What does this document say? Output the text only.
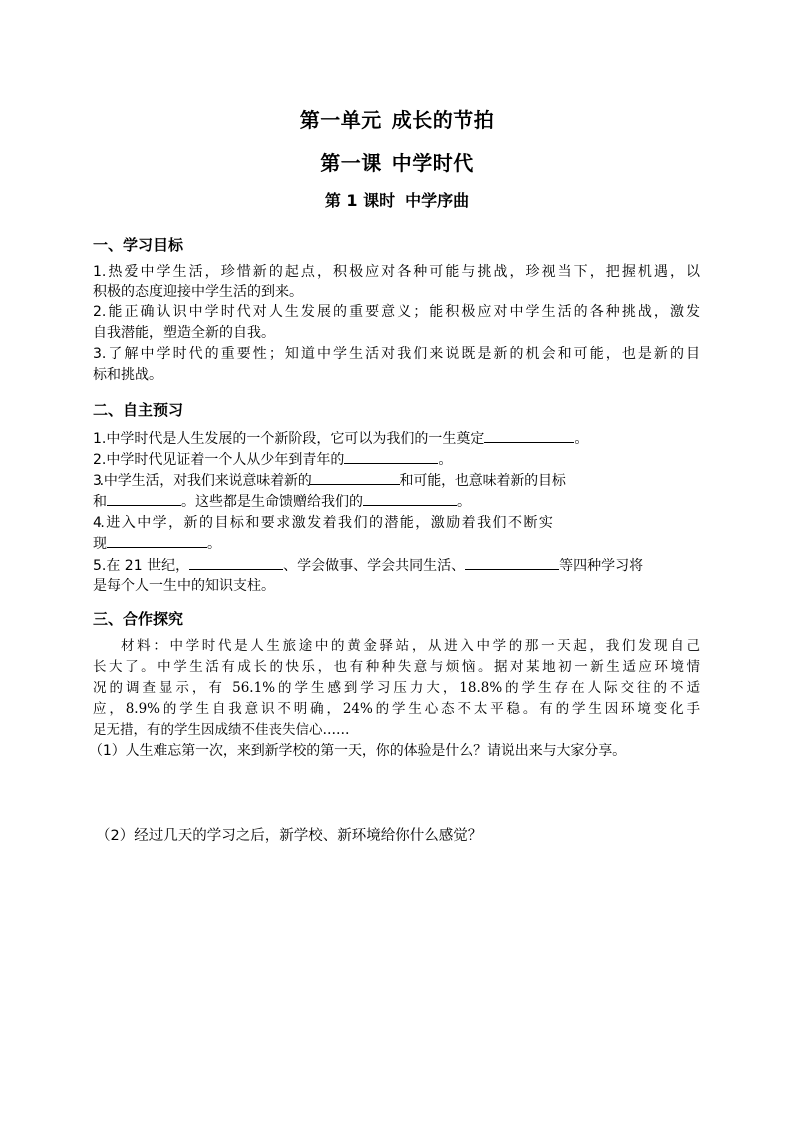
第一单元 成长的节拍
第一课 中学时代
第 1 课时 中学序曲
一、学习目标
1.热爱中学生活，珍惜新的起点，积极应对各种可能与挑战，珍视当下，把握机遇，以
积极的态度迎接中学生活的到来。
2.能正确认识中学时代对人生发展的重要意义；能积极应对中学生活的各种挑战，激发
自我潜能，塑造全新的自我。
3.了解中学时代的重要性；知道中学生活对我们来说既是新的机会和可能，也是新的目
标和挑战。
二、自主预习
1.中学时代是人生发展的一个新阶段，它可以为我们的一生奠定	。
2.中学时代见证着一个人从少年到青年的	。
3. 中 学 生 活 ， 对 我 们 来 说 意 味 着 新 的	和 可 能 ， 也 意 味 着 新 的 目 标
和	。这些都是生命馈赠给我们的	。
4. 进 入 中 学 ， 新 的 目 标 和 要 求 激 发 着 我 们 的 潜 能 ， 激 励 着 我 们 不 断 实
现	。
5.在 21 世纪，	、学会做事、学会共同生活、	等四种学习将
是每个人一生中的知识支柱。
三、合作探究
材料：中学时代是人生旅途中的黄金驿站，从进入中学的那一天起，我们发现自己
长大了。中学生活有成长的快乐，也有种种失意与烦恼。据对某地初一新生适应环境情
况的调查显示，有 56.1%的学生感到学习压力大，18.8%的学生存在人际交往的不适
应，8.9%的学生自我意识不明确，24%的学生心态不太平稳。有的学生因环境变化手
足无措，有的学生因成绩不佳丧失信心……
（1）人生难忘第一次，来到新学校的第一天，你的体验是什么？请说出来与大家分享。
（2）经过几天的学习之后，新学校、新环境给你什么感觉？
